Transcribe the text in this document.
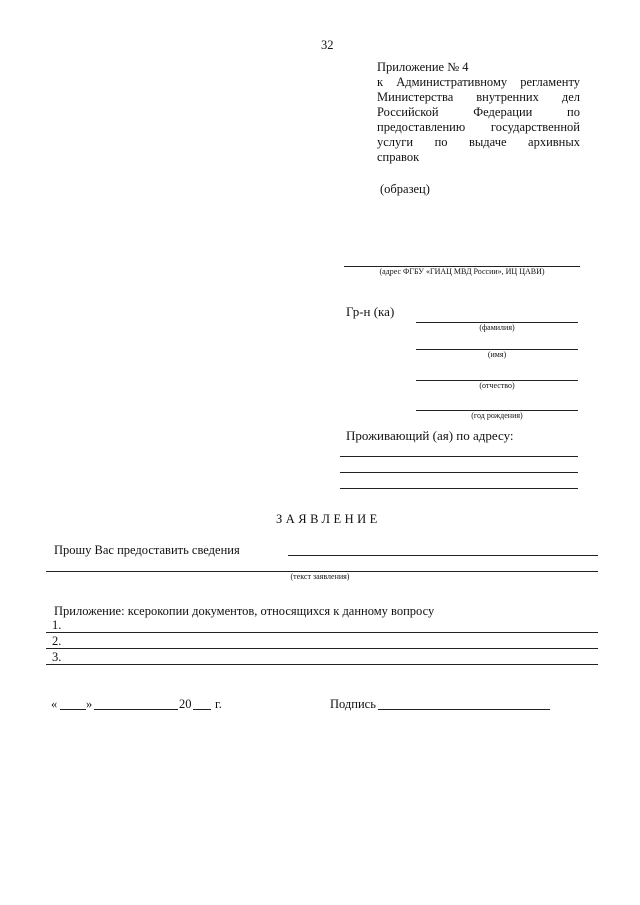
32
Приложение № 4
к Административному регламенту
Министерства внутренних дел
Российской	Федерации	по
предоставлению государственной
услуги по выдаче архивных
справок
(образец)
(адрес ФГБУ «ГИАЦ МВД России», ИЦ ЦАВИ)
Гр-н (ка)
(фамилия)
(имя)
(отчество)
(год рождения)
Проживающий (ая) по адресу:
ЗАЯВЛЕНИЕ
Прошу Вас предоставить сведения
(текст заявления)
Приложение: ксерокопии документов, относящихся к данному вопросу
1.
2.
3.
« »	20 г.	Подпись
